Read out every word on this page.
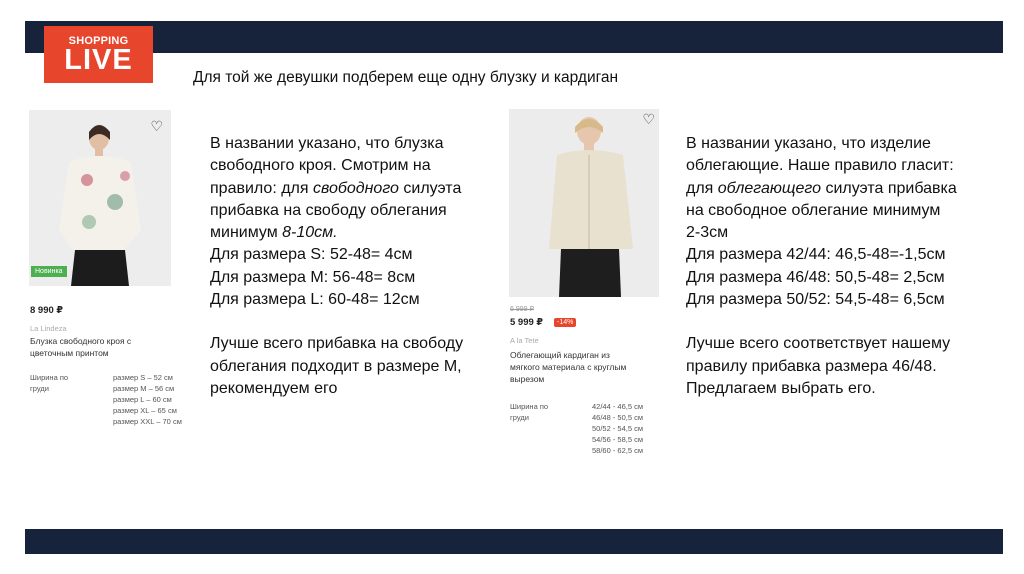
SHOPPING
LIVE
Для той же девушки подберем еще одну блузку и кардиган
♡
Новинка
8 990 ₽
La Lindeza
Блузка свободного кроя с
цветочным принтом
Ширина по
груди
размер S – 52 см
размер M – 56 см
размер L – 60 см
размер XL – 65 см
размер XXL – 70 см

В названии указано, что блузка

свободного кроя. Смотрим на

правило: для свободного силуэта

прибавка на свободу облегания

минимум 8-10см.

Для размера S: 52-48= 4см

Для размера M: 56-48= 8см

Для размера L: 60-48= 12см

Лучше всего прибавка на свободу

облегания подходит в размере M,

рекомендуем его

♡
6 999 ₽
5 999 ₽	-14%
A la Tete
Облегающий кардиган из
мягкого материала с круглым
вырезом
Ширина по
груди
42/44 - 46,5 см
46/48 - 50,5 см
50/52 - 54,5 см
54/56 - 58,5 см
58/60 - 62,5 см

В названии указано, что изделие

облегающие. Наше правило гласит:

для облегающего силуэта прибавка

на свободное облегание минимум

2-3см

Для размера 42/44: 46,5-48=-1,5см

Для размера 46/48: 50,5-48= 2,5см

Для размера 50/52: 54,5-48= 6,5см

Лучше всего соответствует нашему

правилу прибавка размера 46/48.

Предлагаем выбрать его.
